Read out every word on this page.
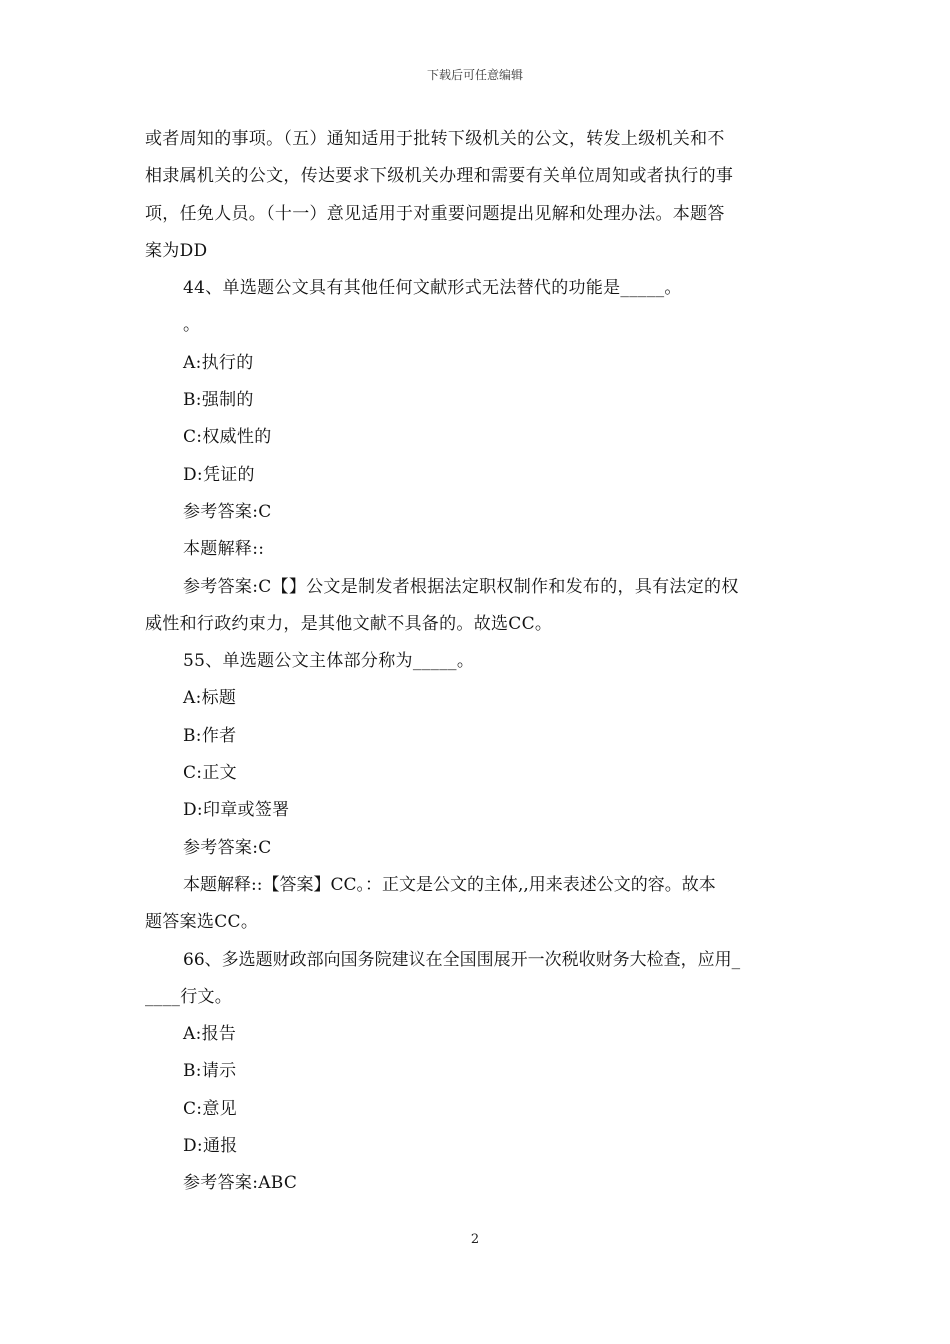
下载后可任意编辑
或者周知的事项。（五）通知适用于批转下级机关的公文，转发上级机关和不
相隶属机关的公文，传达要求下级机关办理和需要有关单位周知或者执行的事
项，任免人员。（十一）意见适用于对重要问题提出见解和处理办法。本题答
案为DD
44、单选题公文具有其他任何文献形式无法替代的功能是_____。
。
A:执行的
B:强制的
C:权威性的
D:凭证的
参考答案:C
本题解释::
参考答案:C【】公文是制发者根据法定职权制作和发布的，具有法定的权
威性和行政约束力，是其他文献不具备的。故选CC。
55、单选题公文主体部分称为_____。
A:标题
B:作者
C:正文
D:印章或签署
参考答案:C
本题解释::【答案】CC。：正文是公文的主体,,用来表述公文的容。故本
题答案选CC。
66、多选题财政部向国务院建议在全国围展开一次税收财务大检查，应用_
____行文。
A:报告
B:请示
C:意见
D:通报
参考答案:ABC
2
